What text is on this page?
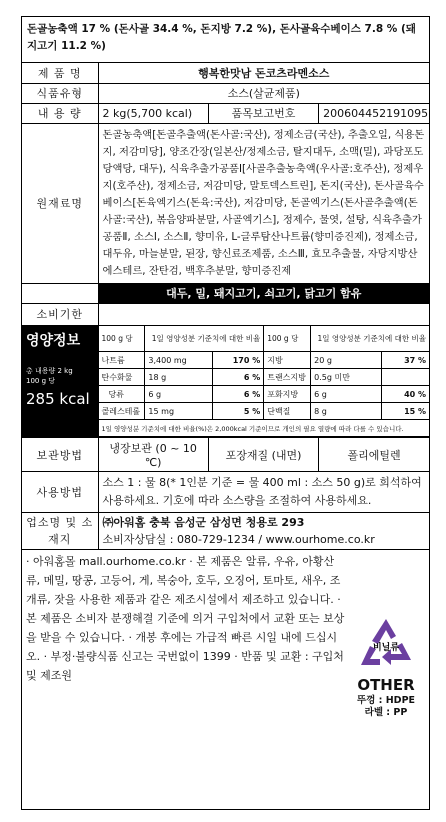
돈골농축액 17 % (돈사골 34.4 %, 돈지방 7.2 %), 돈사골육수베이스 7.8 % (돼지고기 11.2 %)
제 품 명	행복한맛남 돈코츠라멘소스
식품유형	소스(살균제품)
내 용 량	2 kg(5,700 kcal)	품목보고번호	200604452191095
원재료명	돈골농축액[돈골추출액(돈사골:국산), 정제소금(국산), 추출오일, 식용돈지, 저감미당], 양조간장(일본산/정제소금, 탈지대두, 소맥(밀), 과당포도당액당, 대두), 식육추출가공품Ⅰ[사골추출농축액(우사골:호주산), 정제우지(호주산), 정제소금, 저감미당, 말토덱스트린], 돈지(국산), 돈사골육수베이스[돈육엑기스(돈육:국산), 저감미당, 돈골엑기스(돈사골추출액(돈사골:국산), 볶음양파분말, 사골엑기스], 정제수, 물엿, 설탕, 식육추출가공품Ⅱ, 소스Ⅰ, 소스Ⅱ, 향미유, L-글루탐산나트륨(향미증진제), 정제소금, 대두유, 마늘분말, 된장, 향신료조제품, 소스Ⅲ, 효모추출물, 자당지방산에스테르, 잔탄검, 백후추분말, 향미증진제
	대두, 밀, 돼지고기, 쇠고기, 닭고기 함유
소비기한	

영양정보
총 내용량 2 kg
100 g 당
285 kcal

100 g 당	1일 영양성분 기준치에 대한 비율	100 g 당	1일 영양성분 기준치에 대한 비율
나트륨	3,400 mg	170 %	지방	20 g	37 %
탄수화물	18 g	6 %	트랜스지방	0.5g 미만	
당류	6 g	6 %	포화지방	6 g	40 %
콜레스테롤	15 mg	5 %	단백질	8 g	15 %
1일 영양성분 기준치에 대한 비율(%)은 2,000kcal 기준이므로 개인의 필요 열량에 따라 다를 수 있습니다.

보관방법	냉장보관 (0 ~ 10 ℃)	포장재질 (내면)	폴리에틸렌
사용방법	소스 1 : 물 8(* 1인분 기준 = 물 400 ml : 소스 50 g)로 희석하여 사용하세요. 기호에 따라 소스량을 조절하여 사용하세요.
업소명 및 소재지	
㈜아워홈 충북 음성군 삼성면 청용로 293
소비자상담실 : 080-729-1234 / www.ourhome.co.kr
· 아워홈몰 mall.ourhome.co.kr · 본 제품은 알류, 우유, 아황산류, 메밀, 땅콩, 고등어, 게, 복숭아, 호두, 오징어, 토마토, 새우, 조개류, 잣을 사용한 제품과 같은 제조시설에서 제조하고 있습니다. · 본 제품은 소비자 분쟁해결 기준에 의거 구입처에서 교환 또는 보상을 받을 수 있습니다. · 개봉 후에는 가급적 빠른 시일 내에 드십시오. · 부정·불량식품 신고는 국번없이 1399 · 반품 및 교환 : 구입처 및 제조원
비닐류
OTHER
뚜껑 : HDPE
라벨 : PP
